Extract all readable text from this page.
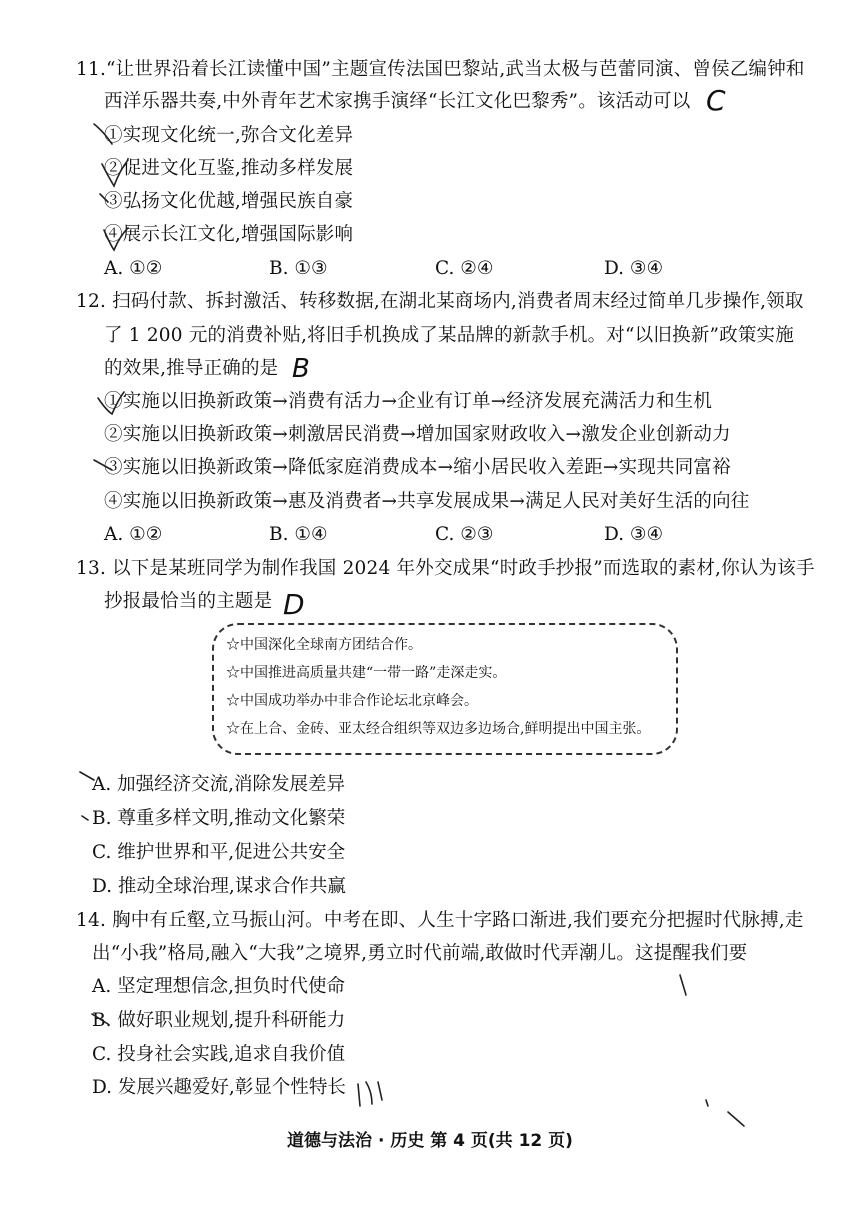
11.“让世界沿着长江读懂中国”主题宣传法国巴黎站,武当太极与芭蕾同演、曾侯乙编钟和
西洋乐器共奏,中外青年艺术家携手演绎“长江文化巴黎秀”。该活动可以 C
①实现文化统一,弥合文化差异
②促进文化互鉴,推动多样发展
③弘扬文化优越,增强民族自豪
④展示长江文化,增强国际影响
A. ①②	B. ①③	C. ②④	D. ③④
12. 扫码付款、拆封激活、转移数据,在湖北某商场内,消费者周末经过简单几步操作,领取
了 1 200 元的消费补贴,将旧手机换成了某品牌的新款手机。对“以旧换新”政策实施
的效果,推导正确的是 B
①实施以旧换新政策→消费有活力→企业有订单→经济发展充满活力和生机
②实施以旧换新政策→刺激居民消费→增加国家财政收入→激发企业创新动力
③实施以旧换新政策→降低家庭消费成本→缩小居民收入差距→实现共同富裕
④实施以旧换新政策→惠及消费者→共享发展成果→满足人民对美好生活的向往
A. ①②	B. ①④	C. ②③	D. ③④
13. 以下是某班同学为制作我国 2024 年外交成果“时政手抄报”而选取的素材,你认为该手
抄报最恰当的主题是 D
☆中国深化全球南方团结合作。
☆中国推进高质量共建“一带一路”走深走实。
☆中国成功举办中非合作论坛北京峰会。
☆在上合、金砖、亚太经合组织等双边多边场合,鲜明提出中国主张。
A. 加强经济交流,消除发展差异
B. 尊重多样文明,推动文化繁荣
C. 维护世界和平,促进公共安全
D. 推动全球治理,谋求合作共赢
14. 胸中有丘壑,立马振山河。中考在即、人生十字路口渐进,我们要充分把握时代脉搏,走
出“小我”格局,融入“大我”之境界,勇立时代前端,敢做时代弄潮儿。这提醒我们要
A. 坚定理想信念,担负时代使命
B. 做好职业规划,提升科研能力
C. 投身社会实践,追求自我价值
D. 发展兴趣爱好,彰显个性特长
道德与法治 · 历史 第 4 页(共 12 页)
